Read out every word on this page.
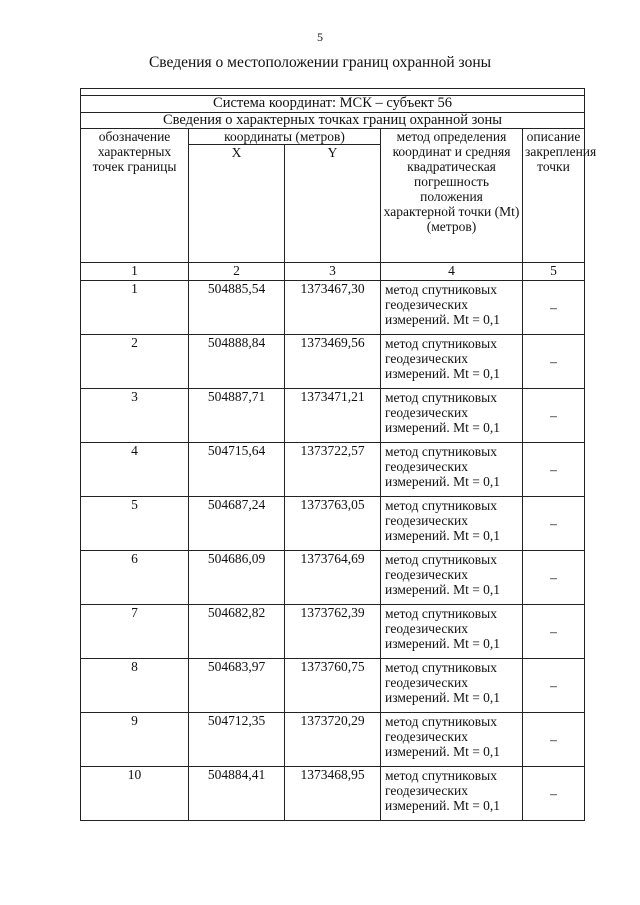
5
Сведения о местоположении границ охранной зоны

Система координат: МСК – субъект 56				
Сведения о характерных точках границ охранной зоны				
обозначение характерных точек границы	координаты (метров)		метод определения координат и средняя квадратическая погрешность положения характерной точки (Mt) (метров)	описание закрепления точки
	X	Y		
1	2	3	4	5
1	504885,54	1373467,30	метод спутниковых геодезических измерений. Mt = 0,1	–
2	504888,84	1373469,56	метод спутниковых геодезических измерений. Mt = 0,1	–
3	504887,71	1373471,21	метод спутниковых геодезических измерений. Mt = 0,1	–
4	504715,64	1373722,57	метод спутниковых геодезических измерений. Mt = 0,1	–
5	504687,24	1373763,05	метод спутниковых геодезических измерений. Mt = 0,1	–
6	504686,09	1373764,69	метод спутниковых геодезических измерений. Mt = 0,1	–
7	504682,82	1373762,39	метод спутниковых геодезических измерений. Mt = 0,1	–
8	504683,97	1373760,75	метод спутниковых геодезических измерений. Mt = 0,1	–
9	504712,35	1373720,29	метод спутниковых геодезических измерений. Mt = 0,1	–
10	504884,41	1373468,95	метод спутниковых геодезических измерений. Mt = 0,1	–
